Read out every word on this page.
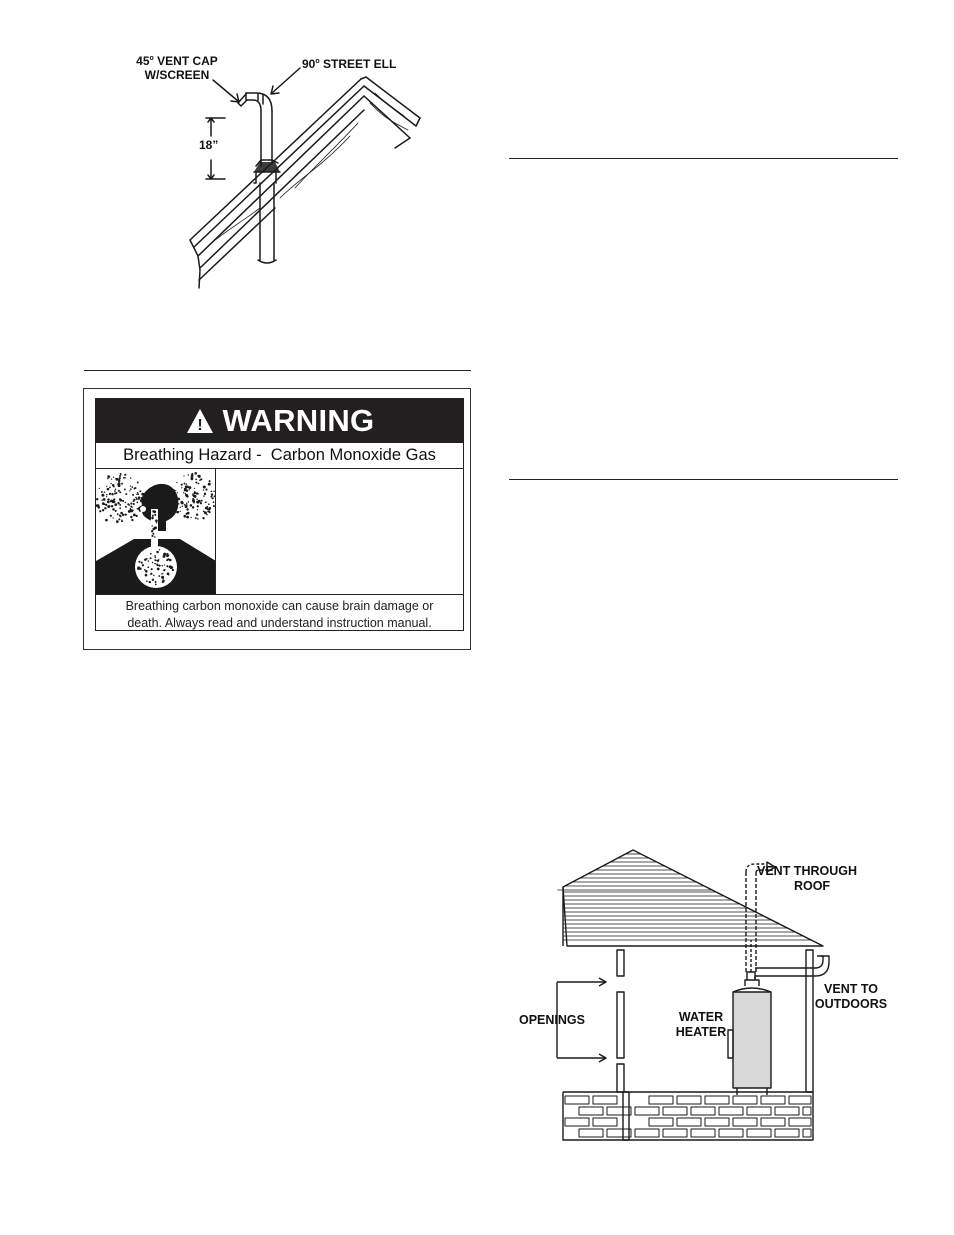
45$^o$ VENT CAP
W/SCREEN
90$^o$ STREET ELL
18”
! WARNING
Breathing Hazard -  Carbon Monoxide Gas
Breathing carbon monoxide can cause brain damage or
death. Always read and understand instruction manual.
VENT THROUGH
ROOF
VENT TO
OUTDOORS
OPENINGS	WATER
HEATER
